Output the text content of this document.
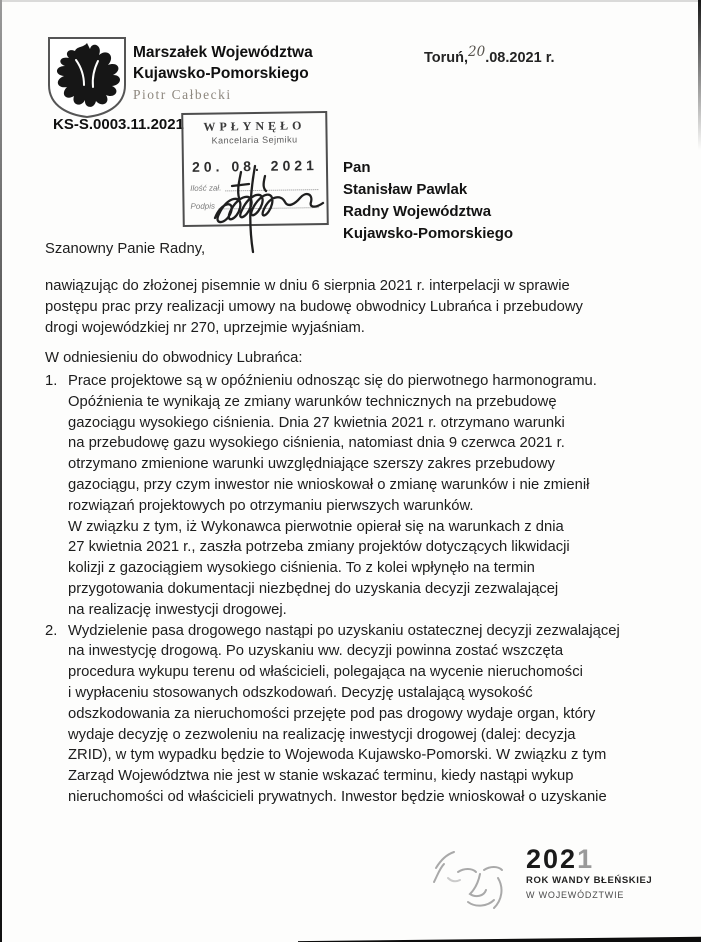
Marszałek Województwa
Kujawsko-Pomorskiego
Piotr Całbecki
Toruń,20.08.2021 r.
KS-S.0003.11.2021	WPŁYNĘŁO
Kancelaria Sejmiku
20. 08. 2021
Ilość zał.
Podpis
Pan
Stanisław Pawlak
Radny Województwa
Kujawsko-Pomorskiego
Szanowny Panie Radny,
nawiązując do złożonej pisemnie w dniu 6 sierpnia 2021 r. interpelacji w sprawie
postępu prac przy realizacji umowy na budowę obwodnicy Lubrańca i przebudowy
drogi wojewódzkiej nr 270, uprzejmie wyjaśniam.
W odniesieniu do obwodnicy Lubrańca:
1. Prace projektowe są w opóźnieniu odnosząc się do pierwotnego harmonogramu.
Opóźnienia te wynikają ze zmiany warunków technicznych na przebudowę
gazociągu wysokiego ciśnienia. Dnia 27 kwietnia 2021 r. otrzymano warunki
na przebudowę gazu wysokiego ciśnienia, natomiast dnia 9 czerwca 2021 r.
otrzymano zmienione warunki uwzględniające szerszy zakres przebudowy
gazociągu, przy czym inwestor nie wnioskował o zmianę warunków i nie zmienił
rozwiązań projektowych po otrzymaniu pierwszych warunków.
W związku z tym, iż Wykonawca pierwotnie opierał się na warunkach z dnia
27 kwietnia 2021 r., zaszła potrzeba zmiany projektów dotyczących likwidacji
kolizji z gazociągiem wysokiego ciśnienia. To z kolei wpłynęło na termin
przygotowania dokumentacji niezbędnej do uzyskania decyzji zezwalającej
na realizację inwestycji drogowej.
2. Wydzielenie pasa drogowego nastąpi po uzyskaniu ostatecznej decyzji zezwalającej
na inwestycję drogową. Po uzyskaniu ww. decyzji powinna zostać wszczęta
procedura wykupu terenu od właścicieli, polegająca na wycenie nieruchomości
i wypłaceniu stosowanych odszkodowań. Decyzję ustalającą wysokość
odszkodowania za nieruchomości przejęte pod pas drogowy wydaje organ, który
wydaje decyzję o zezwoleniu na realizację inwestycji drogowej (dalej: decyzja
ZRID), w tym wypadku będzie to Wojewoda Kujawsko-Pomorski. W związku z tym
Zarząd Województwa nie jest w stanie wskazać terminu, kiedy nastąpi wykup
nieruchomości od właścicieli prywatnych. Inwestor będzie wnioskował o uzyskanie
2021
ROK WANDY BŁEŃSKIEJ
W WOJEWÓDZTWIE
